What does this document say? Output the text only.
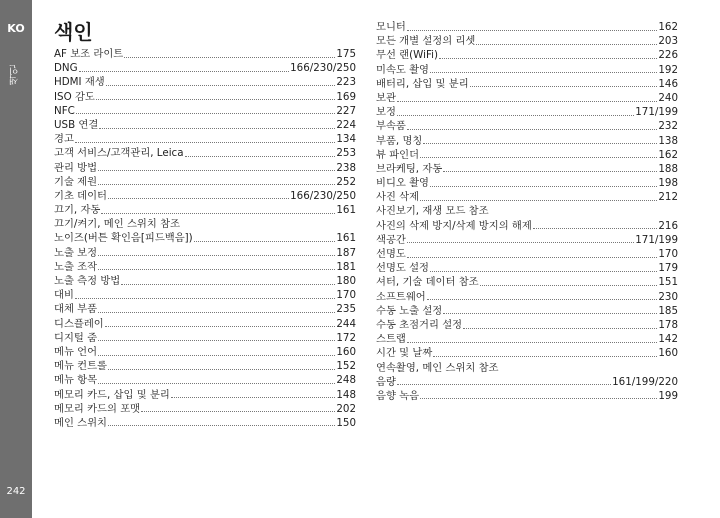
KO
색인
242
색인
AF 보조 라이트	175
DNG	166/230/250
HDMI 재생	223
ISO 감도	169
NFC	227
USB 연결	224
경고	134
고객 서비스/고객관리, Leica	253
관리 방법	238
기술 제원	252
기초 데이터	166/230/250
끄기, 자동	161
끄기/켜기, 메인 스위치 참조
노이즈(버튼 확인음[피드백음])	161
노출 보정	187
노출 조작	181
노출 측정 방법	180
대비	170
대체 부품	235
디스플레이	244
디지털 줌	172
메뉴 언어	160
메뉴 컨트롤	152
메뉴 항목	248
메모리 카드, 삽입 및 분리	148
메모리 카드의 포맷	202
메인 스위치	150
모니터	162
모든 개별 설정의 리셋	203
무선 랜(WiFi)	226
미속도 촬영	192
배터리, 삽입 및 분리	146
보관	240
보정	171/199
부속품	232
부품, 명칭	138
뷰 파인더	162
브라케팅, 자동	188
비디오 촬영	198
사진 삭제	212
사진보기, 재생 모드 참조
사진의 삭제 방지/삭제 방지의 해제	216
색공간	171/199
선명도	170
선명도 설정	179
셔터, 기술 데이터 참조	151
소프트웨어	230
수동 노출 설정	185
수동 초점거리 설정	178
스트랩	142
시간 및 날짜	160
연속촬영, 메인 스위치 참조
음량	161/199/220
음향 녹음	199
